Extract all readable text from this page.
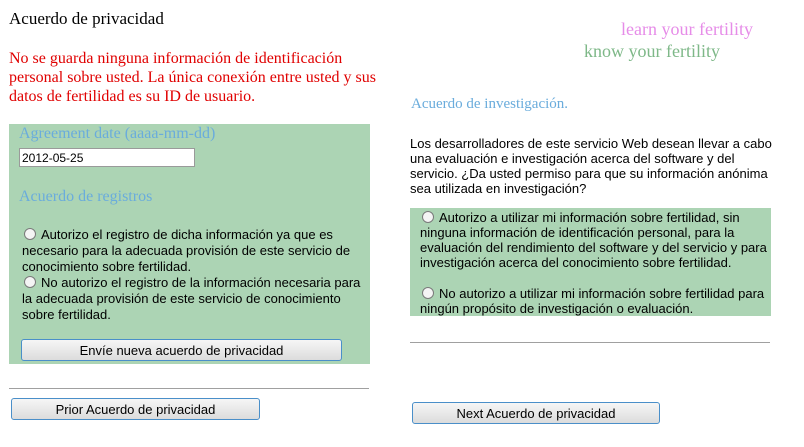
Acuerdo de privacidad
No se guarda ninguna información de identificación personal sobre usted. La única conexión entre usted y sus datos de fertilidad es su ID de usuario.
learn your fertility
know your fertility
Agreement date (aaaa-mm-dd)
2012-05-25
Acuerdo de registros
Autorizo el registro de dicha información ya que es necesario para la adecuada provisión de este servicio de conocimiento sobre fertilidad.
No autorizo el registro de la información necesaria para la adecuada provisión de este servicio de conocimiento sobre fertilidad.
Envíe nueva acuerdo de privacidad
Prior Acuerdo de privacidad
Acuerdo de investigación.
Los desarrolladores de este servicio Web desean llevar a cabo una evaluación e investigación acerca del software y del servicio. ¿Da usted permiso para que su información anónima sea utilizada en investigación?
Autorizo a utilizar mi información sobre fertilidad, sin ninguna información de identificación personal, para la evaluación del rendimiento del software y del servicio y para investigación acerca del conocimiento sobre fertilidad.
No autorizo a utilizar mi información sobre fertilidad para ningún propósito de investigación o evaluación.
Next Acuerdo de privacidad
